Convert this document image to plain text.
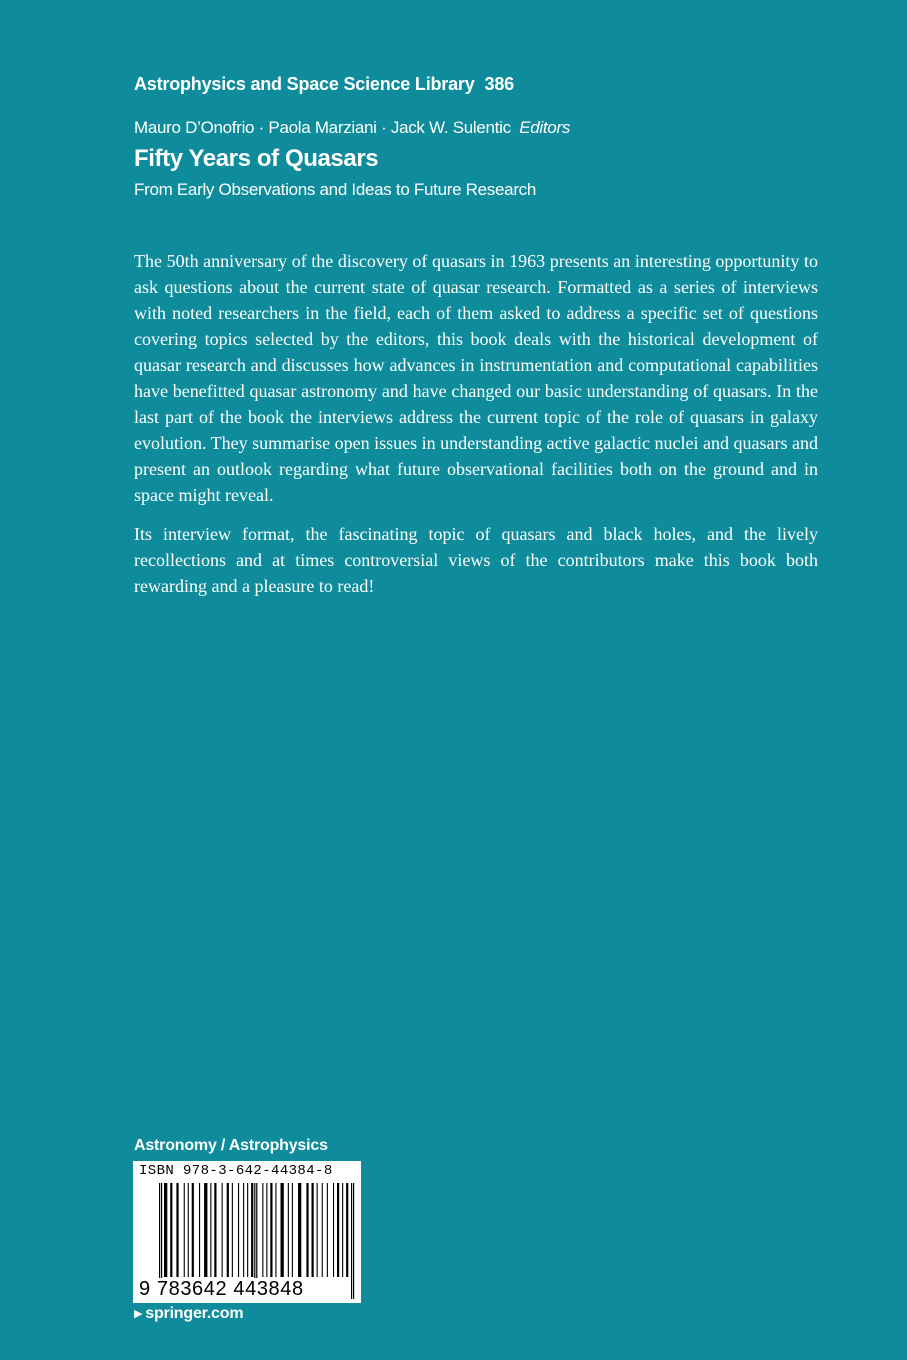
Astrophysics and Space Science Library 386
Mauro D’Onofrio · Paola Marziani · Jack W. Sulentic Editors
Fifty Years of Quasars
From Early Observations and Ideas to Future Research

The 50th anniversary of the discovery of quasars in 1963 presents an interesting opportunity to ask questions about the current state of quasar research. Formatted as a series of interviews with noted researchers in the field, each of them asked to address a specific set of questions covering topics selected by the editors, this book deals with the historical development of quasar research and discusses how advances in instrumentation and computational capabilities have benefitted quasar astronomy and have changed our basic understanding of quasars. In the last part of the book the interviews address the current topic of the role of quasars in galaxy evolution. They summarise open issues in understanding active galactic nuclei and quasars and present an outlook regarding what future observational facilities both on the ground and in space might reveal.

Its interview format, the fascinating topic of quasars and black holes, and the lively recollections and at times controversial views of the contributors make this book both rewarding and a pleasure to read!

Astronomy / Astrophysics
ISBN 978-3-642-44384-8
9 783642 443848
▶ springer.com
